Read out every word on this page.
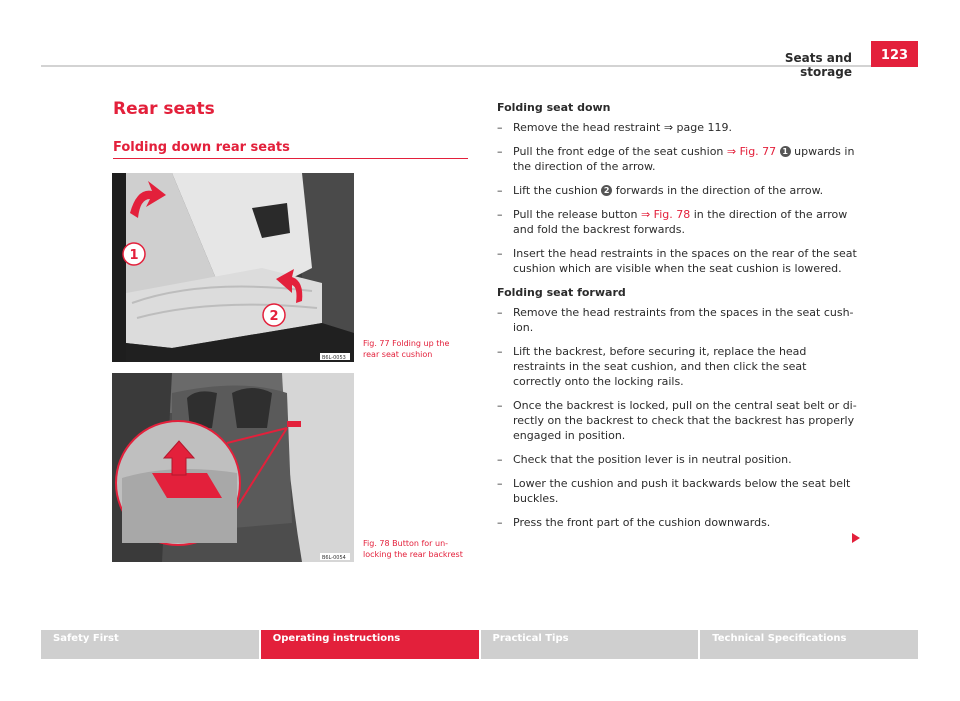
Seats and storage
123
Rear seats
Folding down rear seats
1
2
B6L-0053
Fig. 77 Folding up the rear seat cushion
B6L-0054
Fig. 78 Button for un-locking the rear backrest
Folding seat down
– Remove the head restraint ⇒ page 119.
– Pull the front edge of the seat cushion ⇒ Fig. 77 1 upwards in the direction of the arrow.
– Lift the cushion 2 forwards in the direction of the arrow.
– Pull the release button ⇒ Fig. 78 in the direction of the arrow and fold the backrest forwards.
– Insert the head restraints in the spaces on the rear of the seat cushion which are visible when the seat cushion is lowered.
Folding seat forward
– Remove the head restraints from the spaces in the seat cush-ion.
– Lift the backrest, before securing it, replace the head restraints in the seat cushion, and then click the seat correctly onto the locking rails.
– Once the backrest is locked, pull on the central seat belt or di-rectly on the backrest to check that the backrest has properly engaged in position.
– Check that the position lever is in neutral position.
– Lower the cushion and push it backwards below the seat belt buckles.
– Press the front part of the cushion downwards.
Safety First	Operating instructions	Practical Tips	Technical Specifications
